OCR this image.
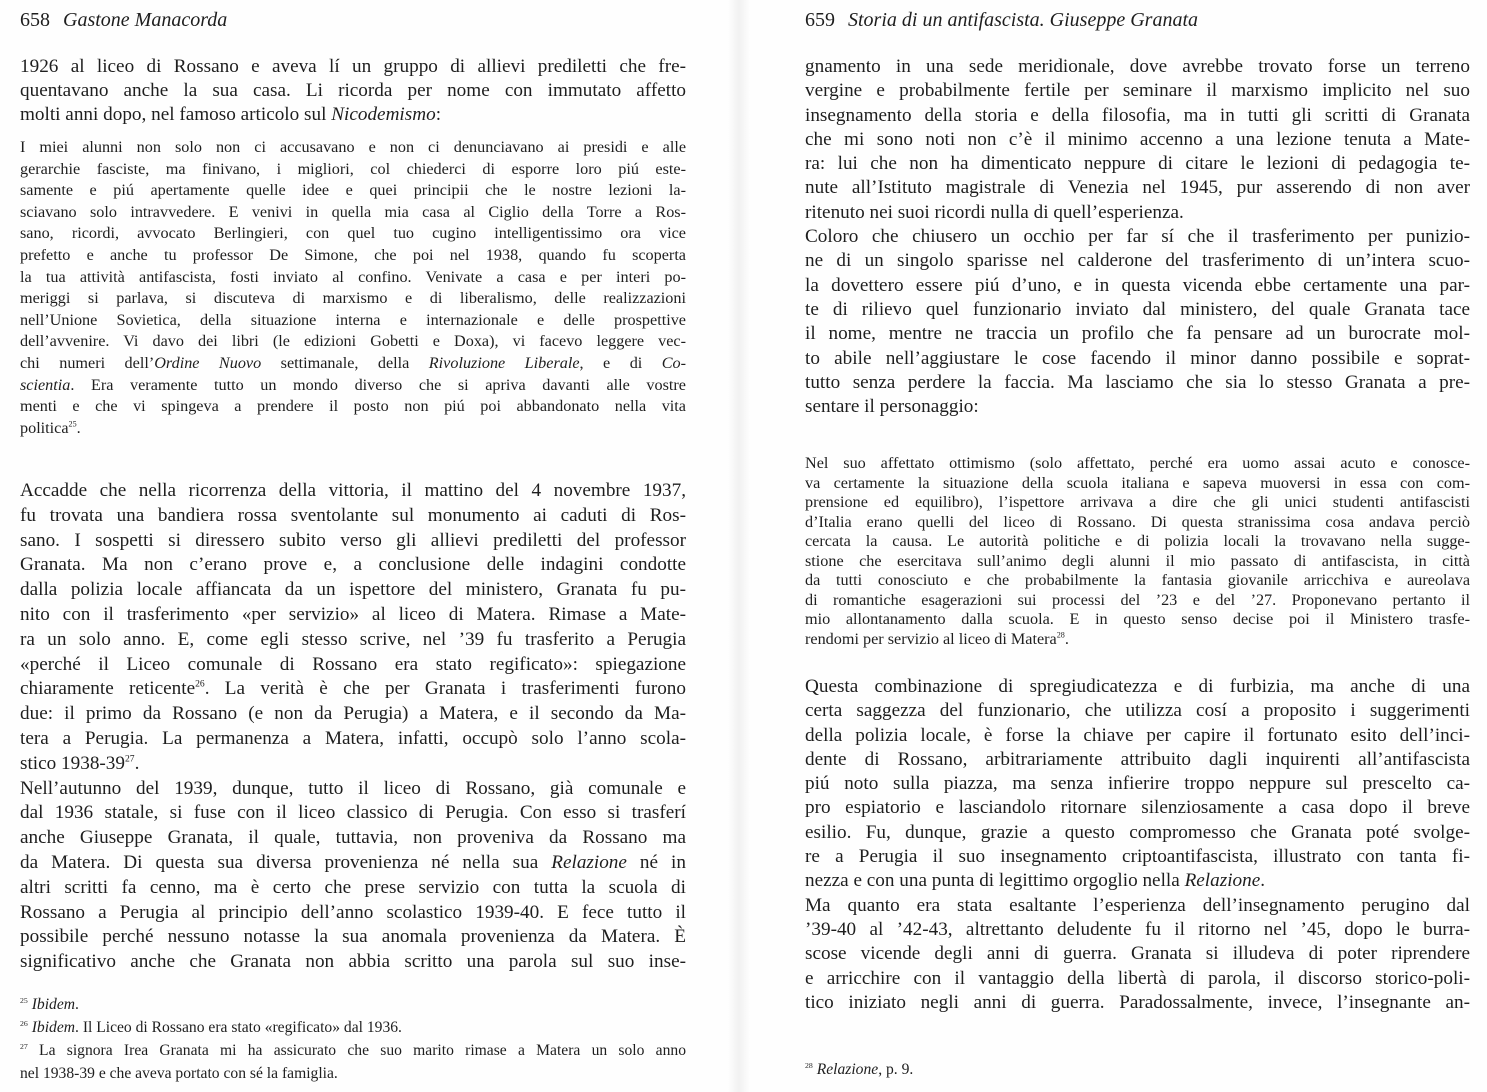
658 Gastone Manacorda
1926 al liceo di Rossano e aveva lí un gruppo di allievi prediletti che fre-
quentavano anche la sua casa. Li ricorda per nome con immutato affetto
molti anni dopo, nel famoso articolo sul Nicodemismo:
I miei alunni non solo non ci accusavano e non ci denunciavano ai presidi e alle
gerarchie fasciste, ma finivano, i migliori, col chiederci di esporre loro piú este-
samente e piú apertamente quelle idee e quei principii che le nostre lezioni la-
sciavano solo intravvedere. E venivi in quella mia casa al Ciglio della Torre a Ros-
sano, ricordi, avvocato Berlingieri, con quel tuo cugino intelligentissimo ora vice
prefetto e anche tu professor De Simone, che poi nel 1938, quando fu scoperta
la tua attività antifascista, fosti inviato al confino. Venivate a casa e per interi po-
meriggi si parlava, si discuteva di marxismo e di liberalismo, delle realizzazioni
nell’Unione Sovietica, della situazione interna e internazionale e delle prospettive
dell’avvenire. Vi davo dei libri (le edizioni Gobetti e Doxa), vi facevo leggere vec-
chi numeri dell’Ordine Nuovo settimanale, della Rivoluzione Liberale, e di Co-
scientia. Era veramente tutto un mondo diverso che si apriva davanti alle vostre
menti e che vi spingeva a prendere il posto non piú poi abbandonato nella vita
politica$^{25}$.
Accadde che nella ricorrenza della vittoria, il mattino del 4 novembre 1937,
fu trovata una bandiera rossa sventolante sul monumento ai caduti di Ros-
sano. I sospetti si diressero subito verso gli allievi prediletti del professor
Granata. Ma non c’erano prove e, a conclusione delle indagini condotte
dalla polizia locale affiancata da un ispettore del ministero, Granata fu pu-
nito con il trasferimento «per servizio» al liceo di Matera. Rimase a Mate-
ra un solo anno. E, come egli stesso scrive, nel ’39 fu trasferito a Perugia
«perché il Liceo comunale di Rossano era stato regificato»: spiegazione
chiaramente reticente$^{26}$. La verità è che per Granata i trasferimenti furono
due: il primo da Rossano (e non da Perugia) a Matera, e il secondo da Ma-
tera a Perugia. La permanenza a Matera, infatti, occupò solo l’anno scola-
stico $1938-39^{27}$.
Nell’autunno del 1939, dunque, tutto il liceo di Rossano, già comunale e
dal 1936 statale, si fuse con il liceo classico di Perugia. Con esso si trasferí
anche Giuseppe Granata, il quale, tuttavia, non proveniva da Rossano ma
da Matera. Di questa sua diversa provenienza né nella sua Relazione né in
altri scritti fa cenno, ma è certo che prese servizio con tutta la scuola di
Rossano a Perugia al principio dell’anno scolastico 1939-40. E fece tutto il
possibile perché nessuno notasse la sua anomala provenienza da Matera. È
significativo anche che Granata non abbia scritto una parola sul suo inse-
$^{25}$ Ibidem.
$^{26}$ Ibidem. Il Liceo di Rossano era stato «regificato» dal 1936.
$^{27}$ La signora Irea Granata mi ha assicurato che suo marito rimase a Matera un solo anno
nel 1938-39 e che aveva portato con sé la famiglia.
659 Storia di un antifascista. Giuseppe Granata
gnamento in una sede meridionale, dove avrebbe trovato forse un terreno
vergine e probabilmente fertile per seminare il marxismo implicito nel suo
insegnamento della storia e della filosofia, ma in tutti gli scritti di Granata
che mi sono noti non c’è il minimo accenno a una lezione tenuta a Mate-
ra: lui che non ha dimenticato neppure di citare le lezioni di pedagogia te-
nute all’Istituto magistrale di Venezia nel 1945, pur asserendo di non aver
ritenuto nei suoi ricordi nulla di quell’esperienza.
Coloro che chiusero un occhio per far sí che il trasferimento per punizio-
ne di un singolo sparisse nel calderone del trasferimento di un’intera scuo-
la dovettero essere piú d’uno, e in questa vicenda ebbe certamente una par-
te di rilievo quel funzionario inviato dal ministero, del quale Granata tace
il nome, mentre ne traccia un profilo che fa pensare ad un burocrate mol-
to abile nell’aggiustare le cose facendo il minor danno possibile e soprat-
tutto senza perdere la faccia. Ma lasciamo che sia lo stesso Granata a pre-
sentare il personaggio:
Nel suo affettato ottimismo (solo affettato, perché era uomo assai acuto e conosce-
va certamente la situazione della scuola italiana e sapeva muoversi in essa con com-
prensione ed equilibro), l’ispettore arrivava a dire che gli unici studenti antifascisti
d’Italia erano quelli del liceo di Rossano. Di questa stranissima cosa andava perciò
cercata la causa. Le autorità politiche e di polizia locali la trovavano nella sugge-
stione che esercitava sull’animo degli alunni il mio passato di antifascista, in città
da tutti conosciuto e che probabilmente la fantasia giovanile arricchiva e aureolava
di romantiche esagerazioni sui processi del ’23 e del ’27. Proponevano pertanto il
mio allontanamento dalla scuola. E in questo senso decise poi il Ministero trasfe-
rendomi per servizio al liceo di Matera$^{28}$.
Questa combinazione di spregiudicatezza e di furbizia, ma anche di una
certa saggezza del funzionario, che utilizza cosí a proposito i suggerimenti
della polizia locale, è forse la chiave per capire il fortunato esito dell’inci-
dente di Rossano, arbitrariamente attribuito dagli inquirenti all’antifascista
piú noto sulla piazza, ma senza infierire troppo neppure sul prescelto ca-
pro espiatorio e lasciandolo ritornare silenziosamente a casa dopo il breve
esilio. Fu, dunque, grazie a questo compromesso che Granata poté svolge-
re a Perugia il suo insegnamento criptoantifascista, illustrato con tanta fi-
nezza e con una punta di legittimo orgoglio nella Relazione.
Ma quanto era stata esaltante l’esperienza dell’insegnamento perugino dal
’39-40 al ’42-43, altrettanto deludente fu il ritorno nel ’45, dopo le burra-
scose vicende degli anni di guerra. Granata si illudeva di poter riprendere
e arricchire con il vantaggio della libertà di parola, il discorso storico-poli-
tico iniziato negli anni di guerra. Paradossalmente, invece, l’insegnante an-
$^{28}$ Relazione, p. 9.
